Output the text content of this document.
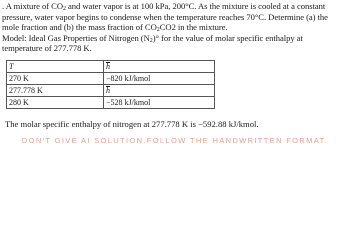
. A mixture of $CO_2$ and water vapor is at 100 kPa, 200°C. As the mixture is cooled at a constant

pressure, water vapor begins to condense when the temperature reaches 70°C. Determine (a) the

mole fraction and (b) the mass fraction of $CO_2CO2$ in the mixture.

Model: Ideal Gas Properties of Nitrogen $(N_2)^\circ$ for the value of molar specific enthalpy at

temperature of 277.778 K.

T	h
270 K	−820 kJ/kmol
277.778 K	h
280 K	−528 kJ/kmol
The molar specific enthalpy of nitrogen at 277.778 K is −592.88 kJ/kmol.
DON'T GIVE AI SOLUTION.FOLLOW THE HANDWRITTEN FORMAT.
